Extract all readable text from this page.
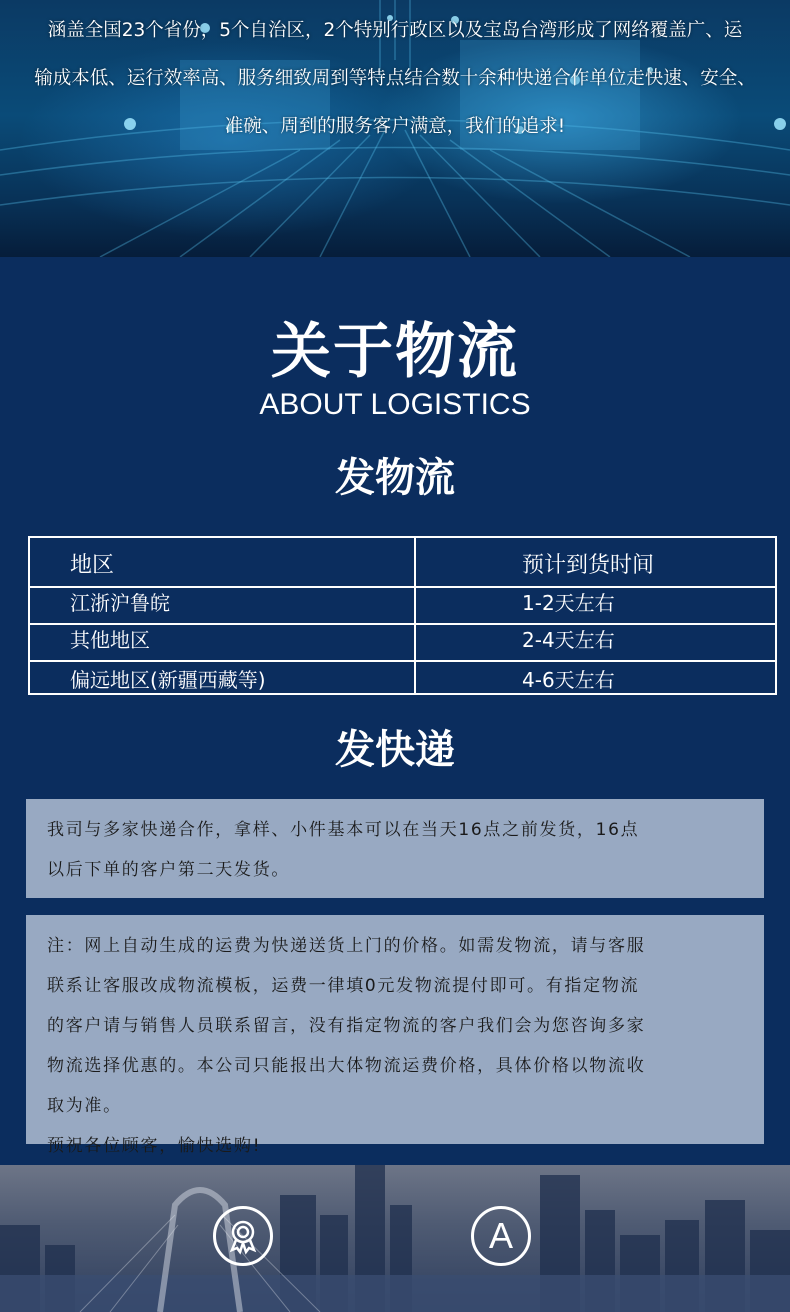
涵盖全国23个省份，5个自治区，2个特别行政区以及宝岛台湾形成了网络覆盖广、运
输成本低、运行效率高、服务细致周到等特点结合数十余种快递合作单位走快速、安全、
准碗、周到的服务客户满意，我们的追求!
关于物流
ABOUT LOGISTICS
发物流
地区	预计到货时间
江浙沪鲁皖	1-2天左右
其他地区	2-4天左右
偏远地区(新疆西藏等)	4-6天左右
发快递

我司与多家快递合作，拿样、小件基本可以在当天16点之前发货，16点

以后下单的客户第二天发货。

注：网上自动生成的运费为快递送货上门的价格。如需发物流，请与客服

联系让客服改成物流模板，运费一律填0元发物流提付即可。有指定物流

的客户请与销售人员联系留言，没有指定物流的客户我们会为您咨询多家

物流选择优惠的。本公司只能报出大体物流运费价格，具体价格以物流收

取为准。

预祝各位顾客，愉快选购!

A
